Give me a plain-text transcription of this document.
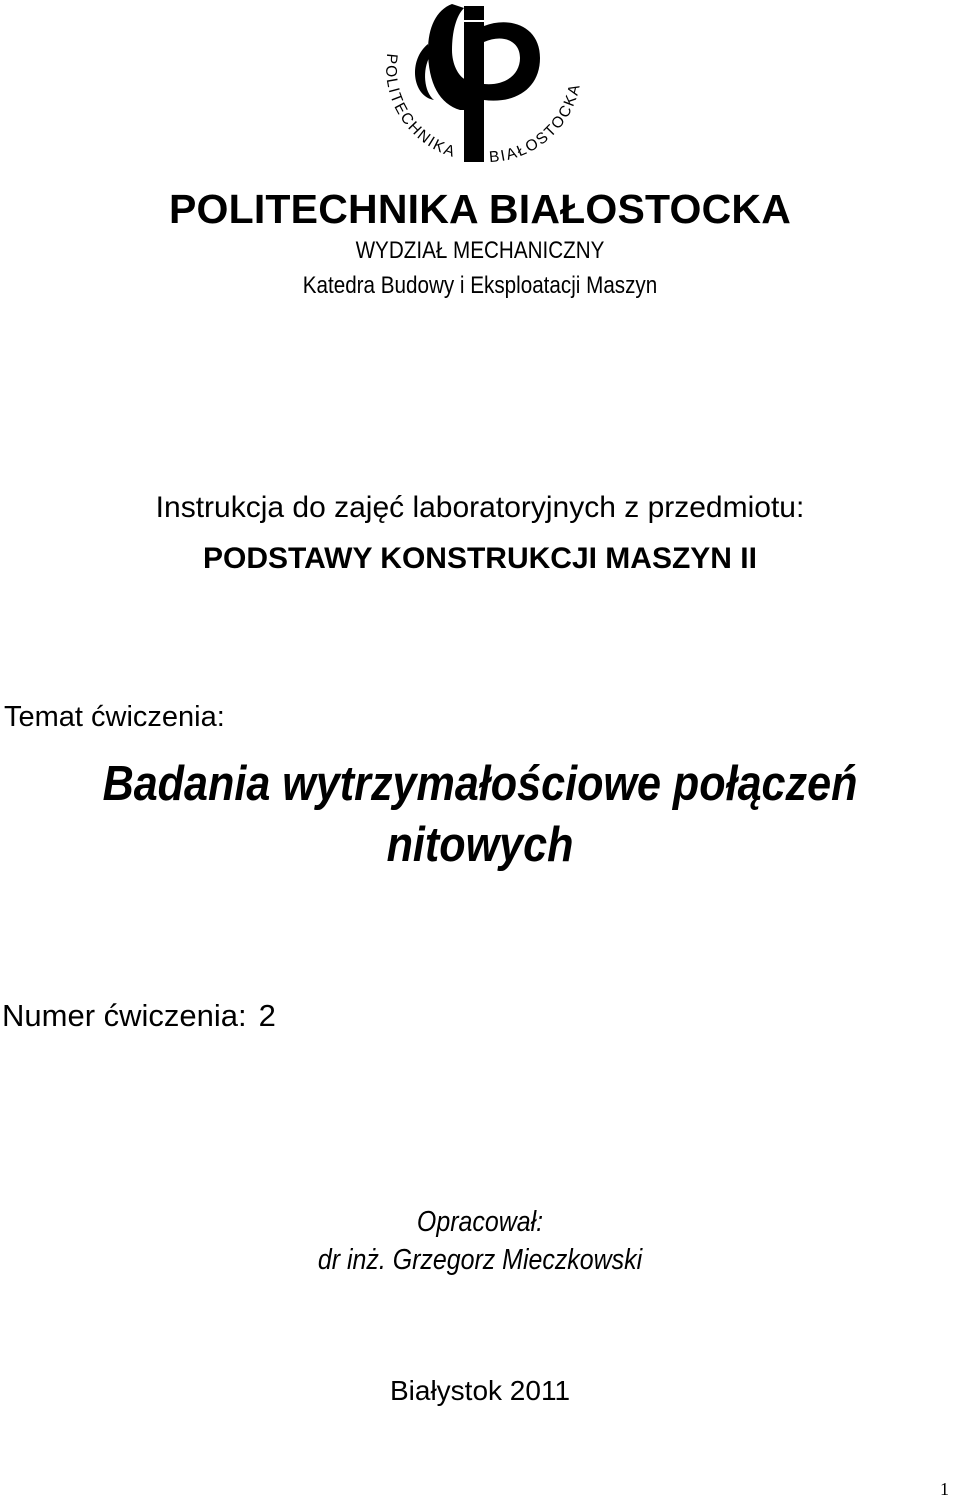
POLITECHNIKA BIAŁOSTOCKA
POLITECHNIKA BIAŁOSTOCKA
WYDZIAŁ MECHANICZNY
Katedra Budowy i Eksploatacji Maszyn
Instrukcja do zajęć laboratoryjnych z przedmiotu:
PODSTAWY KONSTRUKCJI MASZYN II
Temat ćwiczenia:
Badania wytrzymałościowe połączeń
nitowych
Numer ćwiczenia: 2
Opracował:
dr inż. Grzegorz Mieczkowski
Białystok 2011
1
